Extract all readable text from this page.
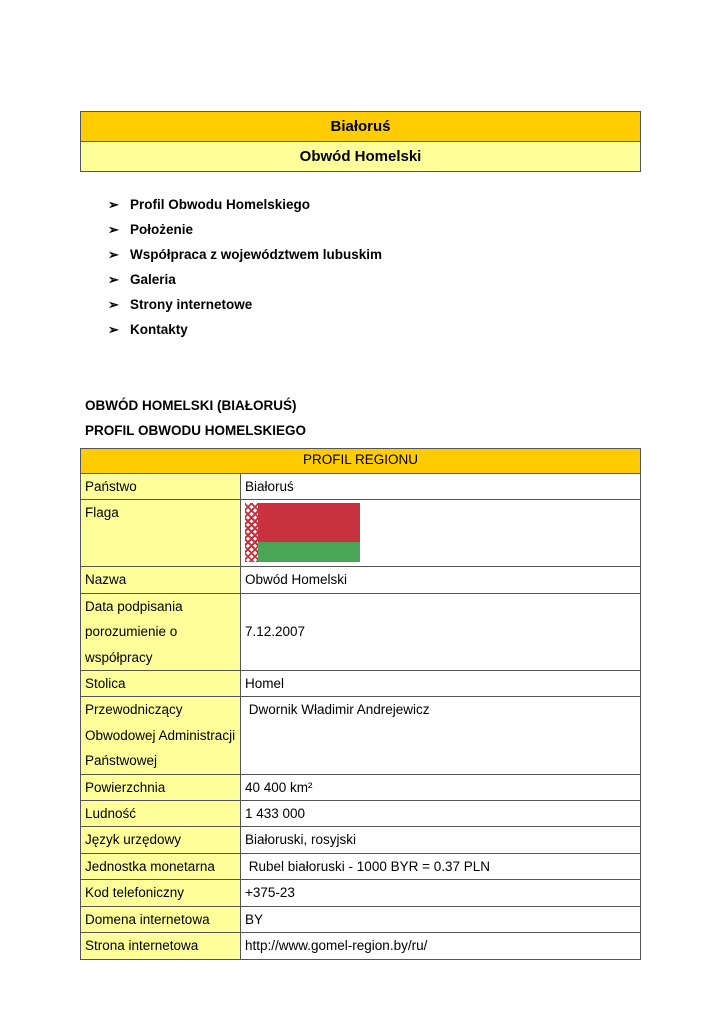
Białoruś
Obwód Homelski
➢ Profil Obwodu Homelskiego
➢ Położenie
➢ Współpraca z województwem lubuskim
➢ Galeria
➢ Strony internetowe
➢ Kontakty
OBWÓD HOMELSKI (BIAŁORUŚ)
PROFIL OBWODU HOMELSKIEGO
PROFIL REGIONU	
Państwo	Białoruś
Flaga	

Nazwa	Obwód Homelski

Data podpisania
porozumienie o współpracy	7.12.2007

Stolica	Homel

Przewodniczący
Obwodowej Administracji
Państwowej	Dwornik Władimir Andrejewicz
Powierzchnia	40 400 km²
Ludność	1 433 000
Język urzędowy	Białoruski, rosyjski
Jednostka monetarna	Rubel białoruski - 1000 BYR = 0.37 PLN
Kod telefoniczny	+375-23
Domena internetowa	BY
Strona internetowa	http://www.gomel-region.by/ru/
